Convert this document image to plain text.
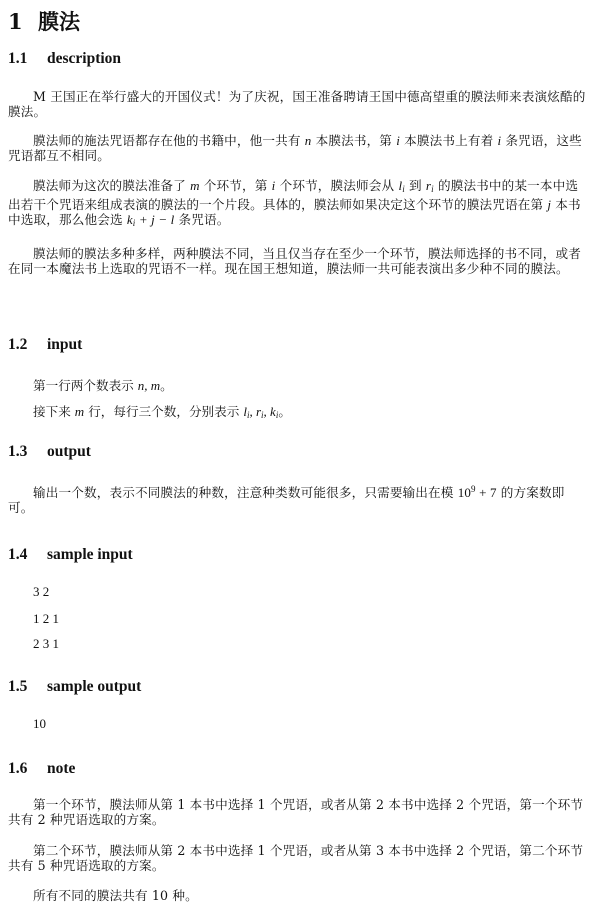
1 膜法
1.1 description
M 王国正在举行盛大的开国仪式！为了庆祝，国王准备聘请王国中德高望重的膜法师来表演炫酷的膜法。
膜法师的施法咒语都存在他的书籍中，他一共有 n 本膜法书，第 i 本膜法书上有着 i 条咒语，这些咒语都互不相同。
膜法师为这次的膜法准备了 m 个环节，第 i 个环节，膜法师会从 $l_i$ 到 $r_i$ 的膜法书中的某一本中选出若干个咒语来组成表演的膜法的一个片段。具体的，膜法师如果决定这个环节的膜法咒语在第 j 本书中选取，那么他会选 $k_i + j - l$ 条咒语。
膜法师的膜法多种多样，两种膜法不同，当且仅当存在至少一个环节，膜法师选择的书不同，或者在同一本魔法书上选取的咒语不一样。现在国王想知道，膜法师一共可能表演出多少种不同的膜法。
1.2 input
第一行两个数表示 n, m。
接下来 m 行，每行三个数，分别表示 $l_i$, $r_i$, $k_i$。
1.3 output
输出一个数，表示不同膜法的种数，注意种类数可能很多，只需要输出在模 $10^9 + 7$ 的方案数即可。
1.4 sample input
3 2
1 2 1
2 3 1
1.5 sample output
10
1.6 note
第一个环节，膜法师从第 1 本书中选择 1 个咒语，或者从第 2 本书中选择 2 个咒语，第一个环节共有 2 种咒语选取的方案。
第二个环节，膜法师从第 2 本书中选择 1 个咒语，或者从第 3 本书中选择 2 个咒语，第二个环节共有 5 种咒语选取的方案。
所有不同的膜法共有 10 种。
